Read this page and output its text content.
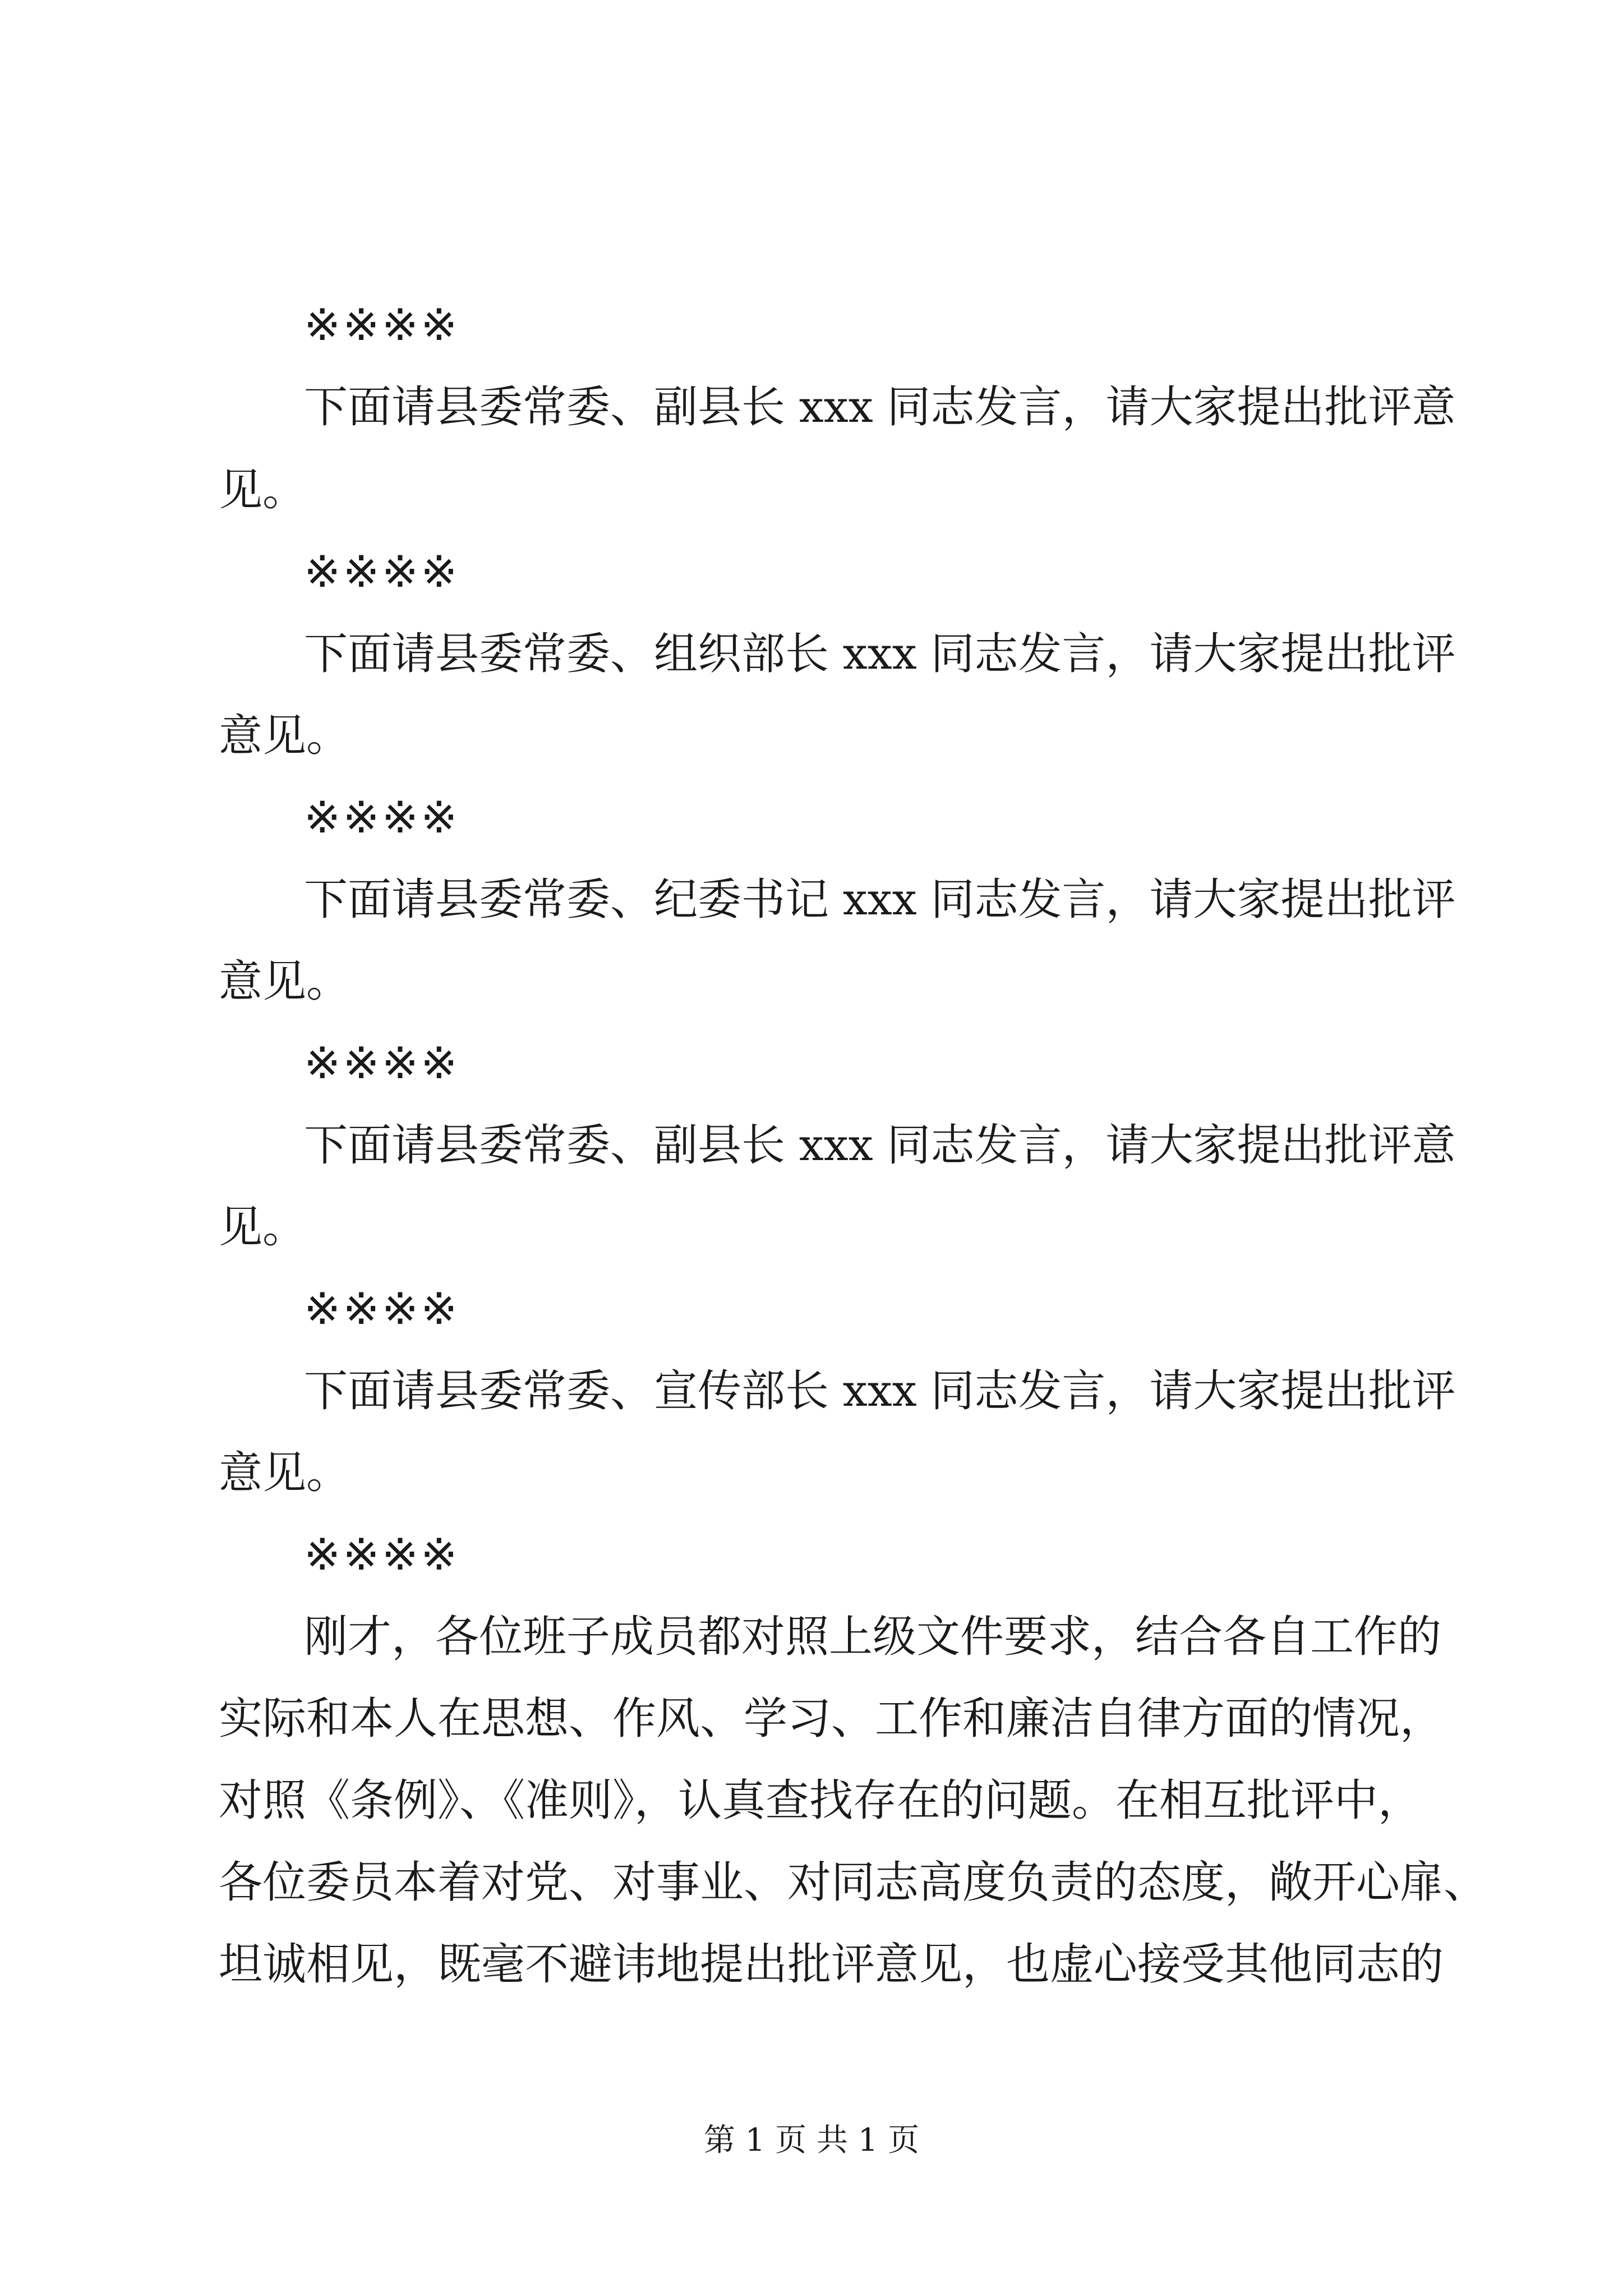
※※※※
下面请县委常委、副县长 xxx 同志发言，请大家提出批评意
见。
※※※※
下面请县委常委、组织部长 xxx 同志发言，请大家提出批评
意见。
※※※※
下面请县委常委、纪委书记 xxx 同志发言，请大家提出批评
意见。
※※※※
下面请县委常委、副县长 xxx 同志发言，请大家提出批评意
见。
※※※※
下面请县委常委、宣传部长 xxx 同志发言，请大家提出批评
意见。
※※※※
刚才，各位班子成员都对照上级文件要求，结合各自工作的
实际和本人在思想、作风、学习、工作和廉洁自律方面的情况，
对照《条例》、《准则》，认真查找存在的问题。在相互批评中，
各位委员本着对党、对事业、对同志高度负责的态度，敞开心扉、
坦诚相见，既毫不避讳地提出批评意见，也虚心接受其他同志的
第 1 页 共 1 页
